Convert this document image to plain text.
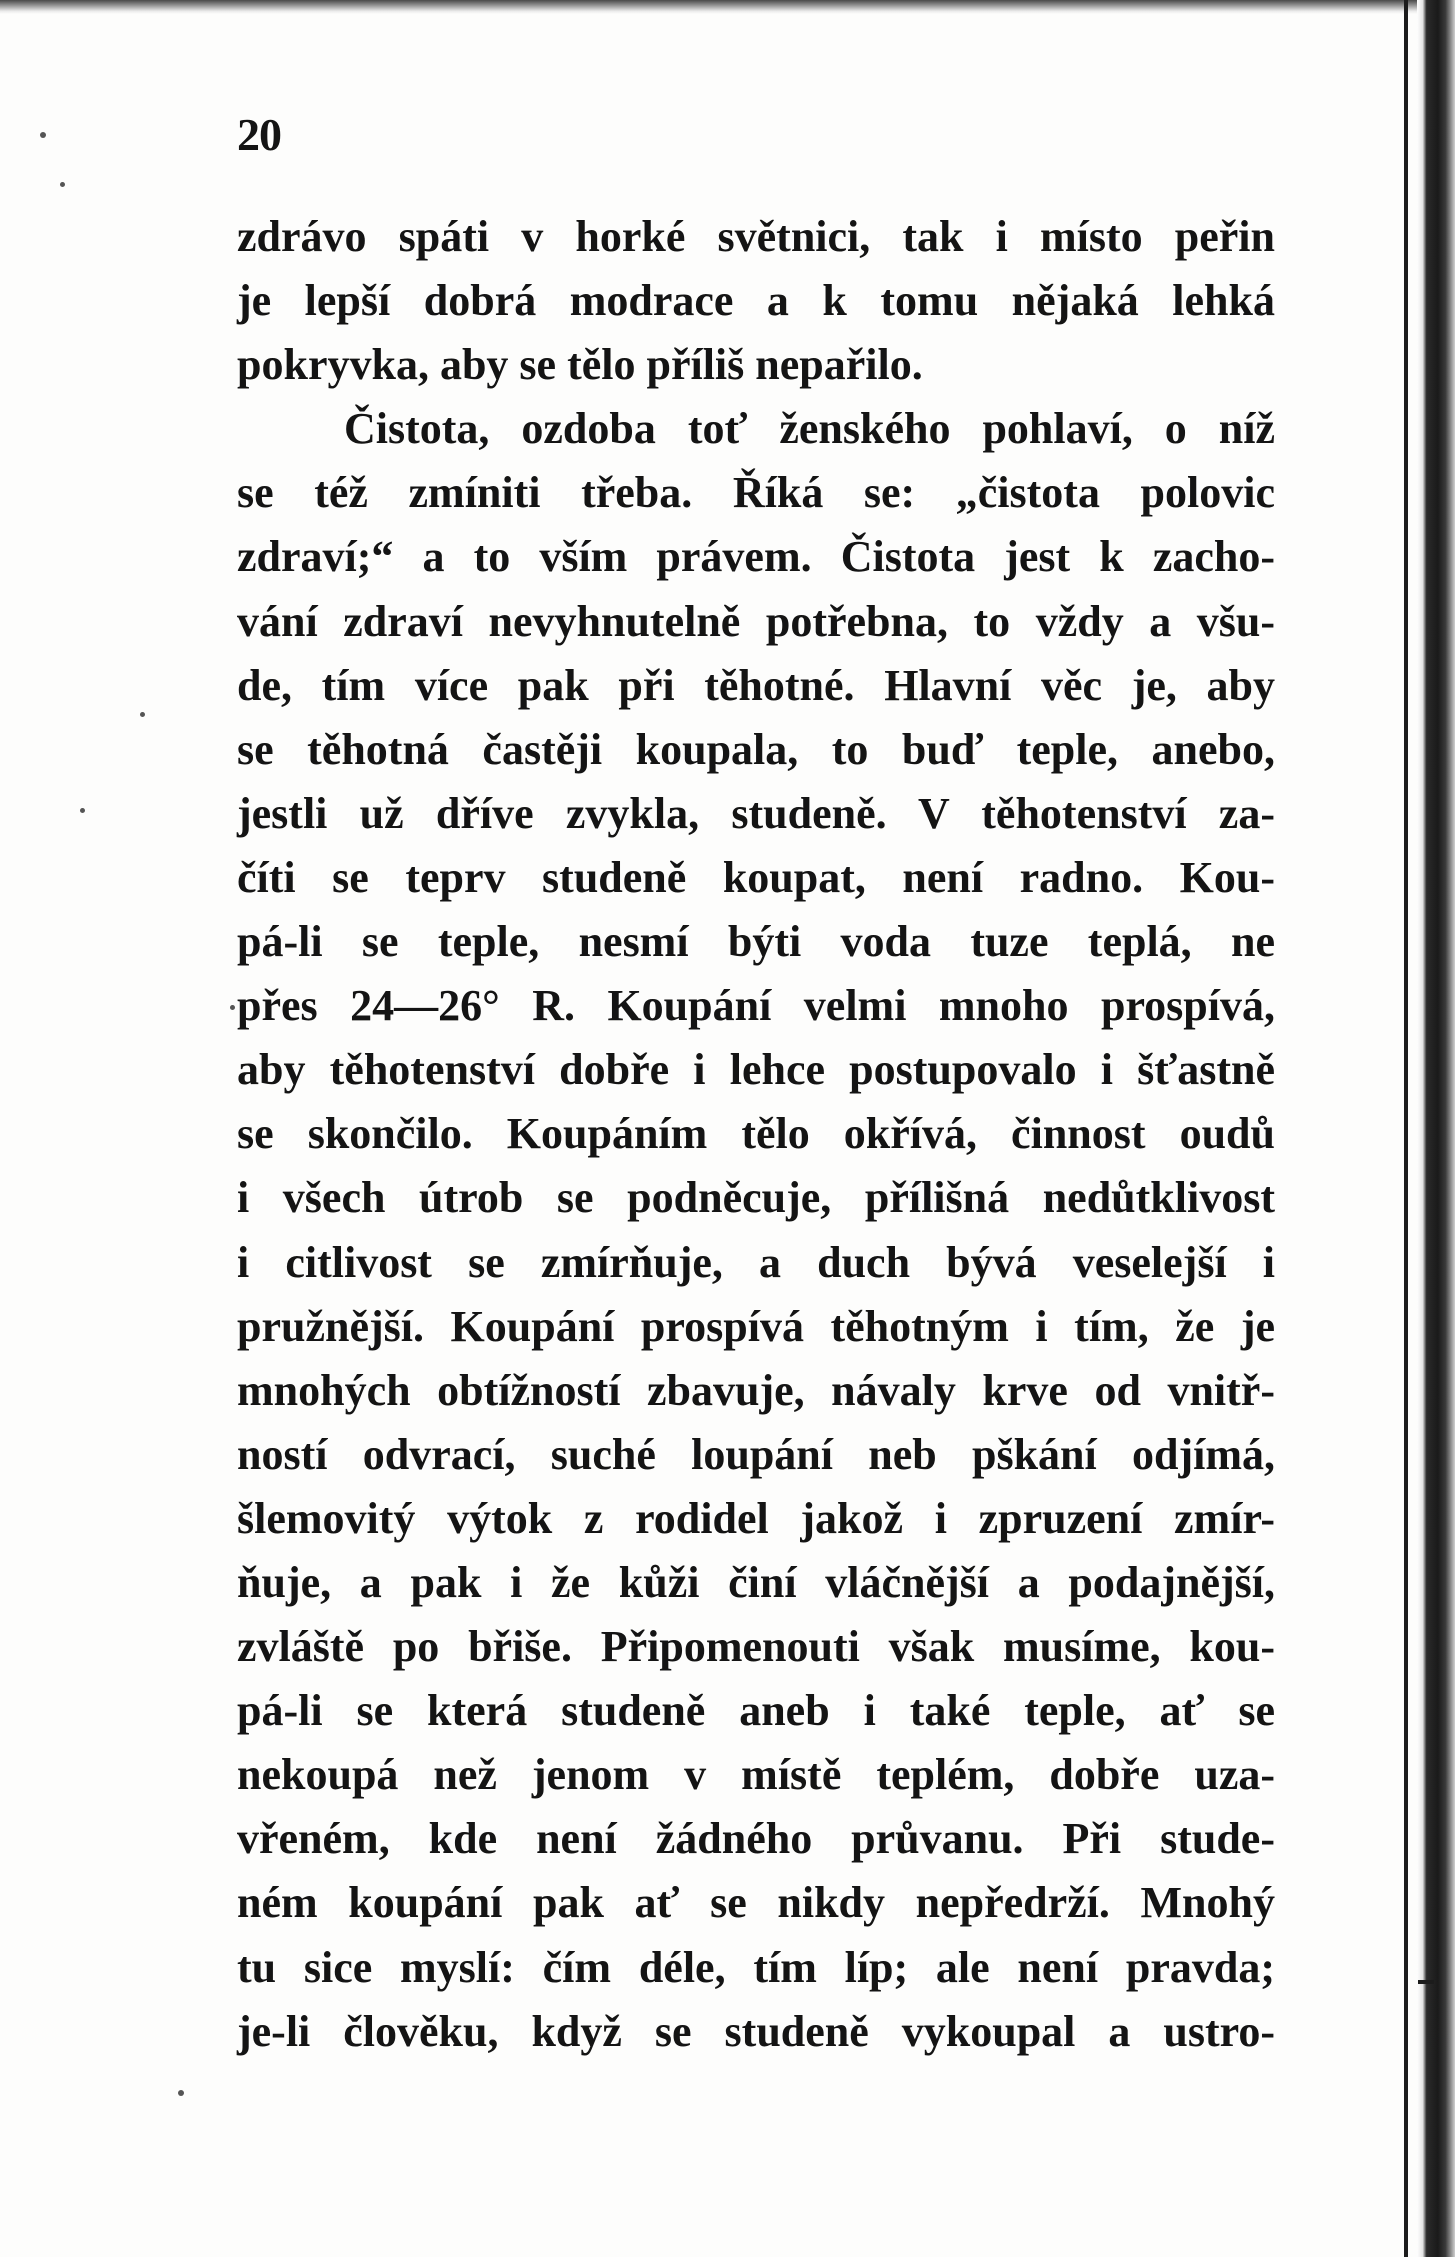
20
zdrávo spáti v horké světnici, tak i místo peřin
je lepší dobrá modrace a k tomu nějaká lehká
pokryvka, aby se tělo příliš nepařilo.
Čistota, ozdoba toť ženského pohlaví, o níž
se též zmíniti třeba. Říká se: „čistota polovic
zdraví;“ a to vším právem. Čistota jest k zacho-
vání zdraví nevyhnutelně potřebna, to vždy a všu-
de, tím více pak při těhotné. Hlavní věc je, aby
se těhotná častěji koupala, to buď teple, anebo,
jestli už dříve zvykla, studeně. V těhotenství za-
číti se teprv studeně koupat, není radno. Kou-
pá-li se teple, nesmí býti voda tuze teplá, ne
přes 24—26° R. Koupání velmi mnoho prospívá,
aby těhotenství dobře i lehce postupovalo i šťastně
se skončilo. Koupáním tělo okřívá, činnost oudů
i všech útrob se podněcuje, přílišná nedůtklivost
i citlivost se zmírňuje, a duch bývá veselejší i
pružnější. Koupání prospívá těhotným i tím, že je
mnohých obtížností zbavuje, návaly krve od vnitř-
ností odvrací, suché loupání neb pškání odjímá,
šlemovitý výtok z rodidel jakož i zpruzení zmír-
ňuje, a pak i že kůži činí vláčnější a podajnější,
zvláště po břiše. Připomenouti však musíme, kou-
pá-li se která studeně aneb i také teple, ať se
nekoupá než jenom v místě teplém, dobře uza-
vřeném, kde není žádného průvanu. Při stude-
ném koupání pak ať se nikdy nepředrží. Mnohý
tu sice myslí: čím déle, tím líp; ale není pravda;
je-li člověku, když se studeně vykoupal a ustro-
